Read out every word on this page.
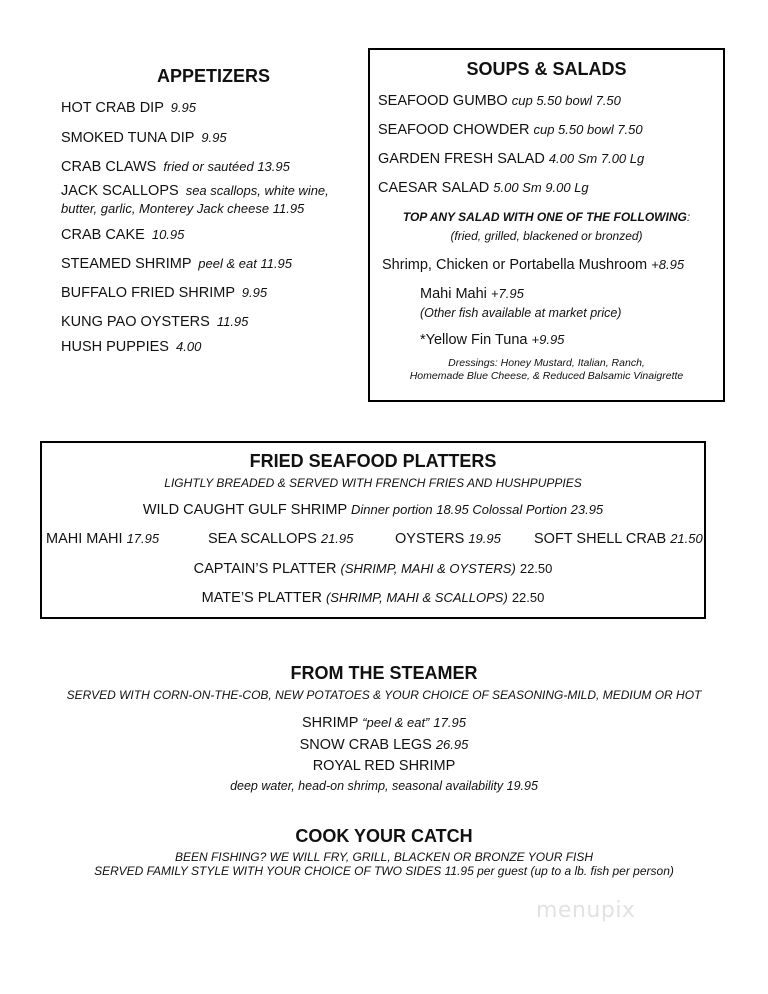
APPETIZERS
HOT CRAB DIP 9.95
SMOKED TUNA DIP 9.95
CRAB CLAWS fried or sautéed 13.95
JACK SCALLOPS sea scallops, white wine,
butter, garlic, Monterey Jack cheese 11.95
CRAB CAKE 10.95
STEAMED SHRIMP peel & eat 11.95
BUFFALO FRIED SHRIMP 9.95
KUNG PAO OYSTERS 11.95
HUSH PUPPIES 4.00
SOUPS & SALADS
SEAFOOD GUMBO cup 5.50 bowl 7.50
SEAFOOD CHOWDER cup 5.50 bowl 7.50
GARDEN FRESH SALAD 4.00 Sm 7.00 Lg
CAESAR SALAD 5.00 Sm 9.00 Lg
TOP ANY SALAD WITH ONE OF THE FOLLOWING:
(fried, grilled, blackened or bronzed)
Shrimp, Chicken or Portabella Mushroom +8.95
Mahi Mahi +7.95
(Other fish available at market price)
*Yellow Fin Tuna +9.95
Dressings: Honey Mustard, Italian, Ranch,
Homemade Blue Cheese, & Reduced Balsamic Vinaigrette
FRIED SEAFOOD PLATTERS
LIGHTLY BREADED & SERVED WITH FRENCH FRIES AND HUSHPUPPIES
WILD CAUGHT GULF SHRIMP Dinner portion 18.95 Colossal Portion 23.95
MAHI MAHI 17.95	SEA SCALLOPS 21.95	OYSTERS 19.95 SOFT SHELL CRAB 21.50
CAPTAIN’S PLATTER (SHRIMP, MAHI & OYSTERS) 22.50
MATE’S PLATTER (SHRIMP, MAHI & SCALLOPS) 22.50
FROM THE STEAMER
SERVED WITH CORN-ON-THE-COB, NEW POTATOES & YOUR CHOICE OF SEASONING-MILD, MEDIUM OR HOT
SHRIMP “peel & eat” 17.95
SNOW CRAB LEGS 26.95
ROYAL RED SHRIMP
deep water, head-on shrimp, seasonal availability 19.95
COOK YOUR CATCH
BEEN FISHING? WE WILL FRY, GRILL, BLACKEN OR BRONZE YOUR FISH
SERVED FAMILY STYLE WITH YOUR CHOICE OF TWO SIDES 11.95 per guest (up to a lb. fish per person)
menupix
